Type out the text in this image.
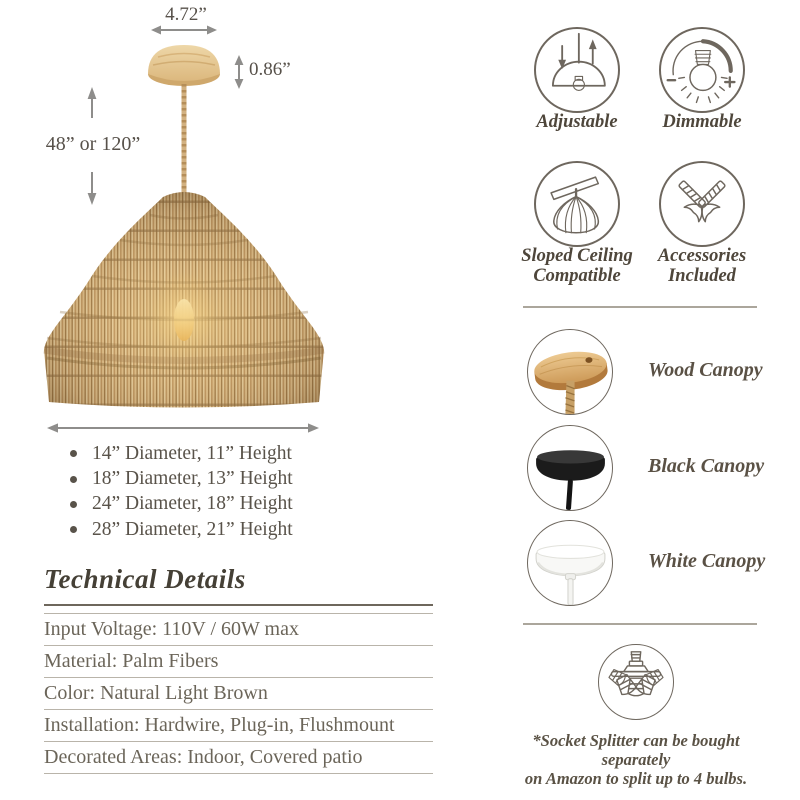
4.72”
0.86”
48” or 120”
14” Diameter, 11” Height
18” Diameter, 13” Height
24” Diameter, 18” Height
28” Diameter, 21” Height
Technical Details
Input Voltage: 110V / 60W max
Material: Palm Fibers
Color: Natural Light Brown
Installation: Hardwire, Plug-in, Flushmount
Decorated Areas: Indoor, Covered patio
Adjustable	Dimmable
Sloped Ceiling Compatible
Accessories Included
Wood Canopy
Black Canopy
White Canopy
*Socket Splitter can be bought separately
on Amazon to split up to 4 bulbs.
